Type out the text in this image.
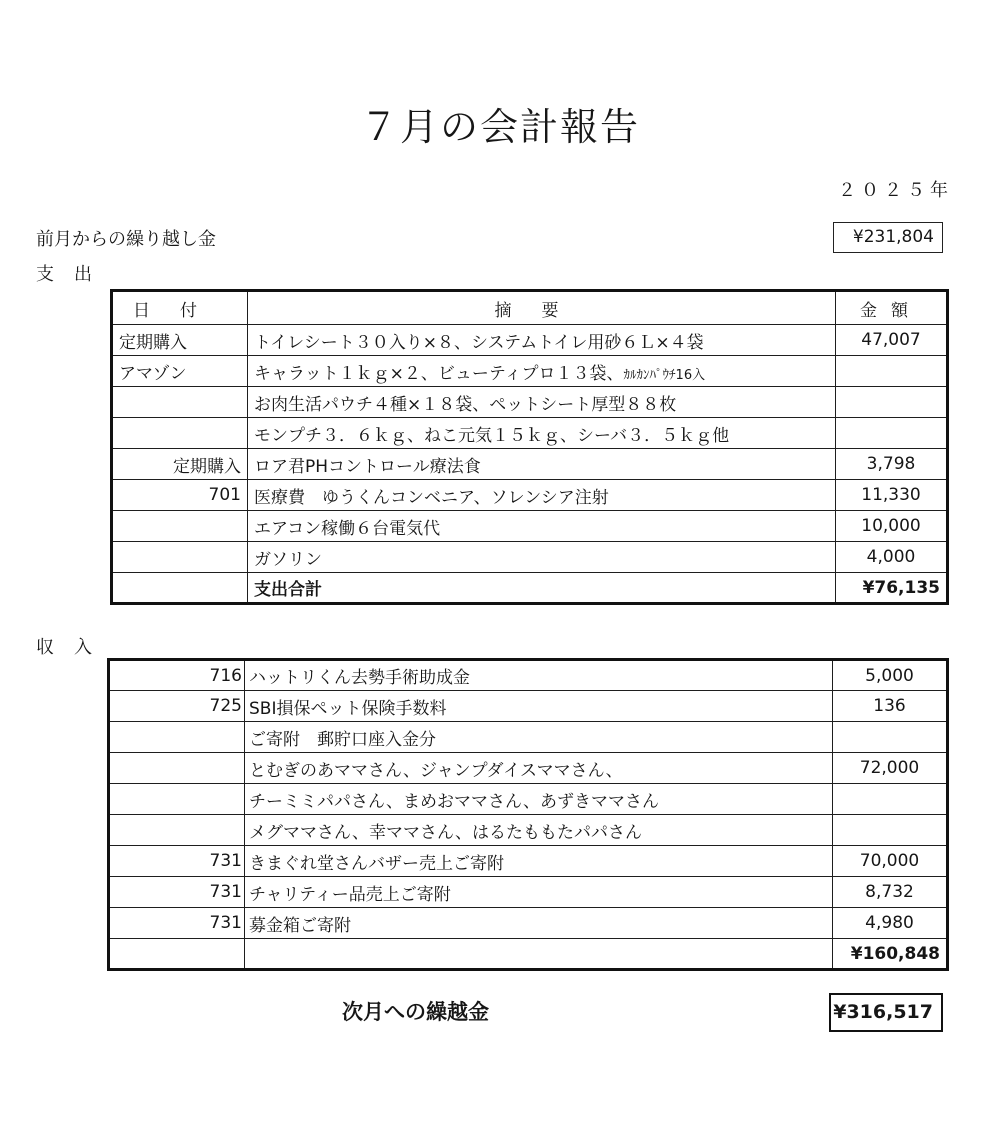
７月の会計報告
２０２５年
前月からの繰り越し金	¥231,804
支出
日付	摘要	金額
定期購入	トイレシート３０入り×８、システムトイレ用砂６Ｌ×４袋	47,007
アマゾン	キャラット１ｋｇ×２、ビューティプロ１３袋、ｶﾙｶﾝﾊﾟｳﾁ16入	
	お肉生活パウチ４種×１８袋、ペットシート厚型８８枚	
	モンプチ３．６ｋｇ、ねこ元気１５ｋｇ、シーバ３．５ｋｇ他	
定期購入	ロア君PHコントロール療法食	3,798
701	医療費　ゆうくんコンベニア、ソレンシア注射	11,330
	エアコン稼働６台電気代	10,000
	ガソリン	4,000
	支出合計	¥76,135
収入
716	ハットリくん去勢手術助成金	5,000
725	SBI損保ペット保険手数料	136
	ご寄附　郵貯口座入金分	
	とむぎのあママさん、ジャンプダイスママさん、	72,000
	チーミミパパさん、まめおママさん、あずきママさん	
	メグママさん、幸ママさん、はるたももたパパさん	
731	きまぐれ堂さんバザー売上ご寄附	70,000
731	チャリティー品売上ご寄附	8,732
731	募金箱ご寄附	4,980
		¥160,848
次月への繰越金	¥316,517
